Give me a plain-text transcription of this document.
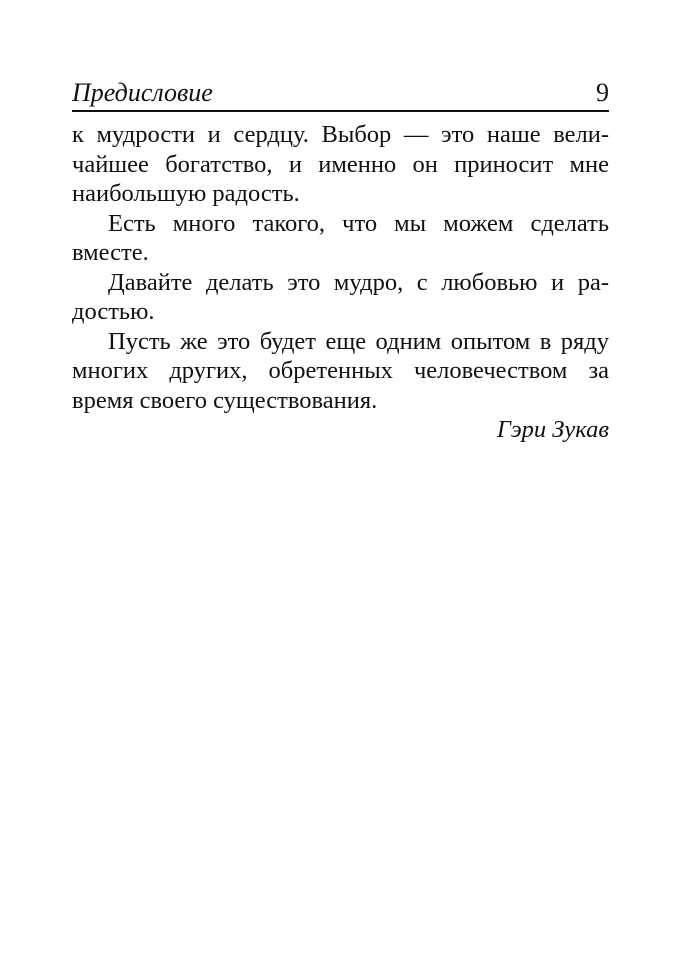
Предисловие	9
к мудрости и сердцу. Выбор — это наше вели-
чайшее богатство, и именно он приносит мне
наибольшую радость.
Есть много такого, что мы можем сделать
вместе.
Давайте делать это мудро, с любовью и ра-
достью.
Пусть же это будет еще одним опытом в ряду
многих других, обретенных человечеством за
время своего существования.
Гэри Зукав
